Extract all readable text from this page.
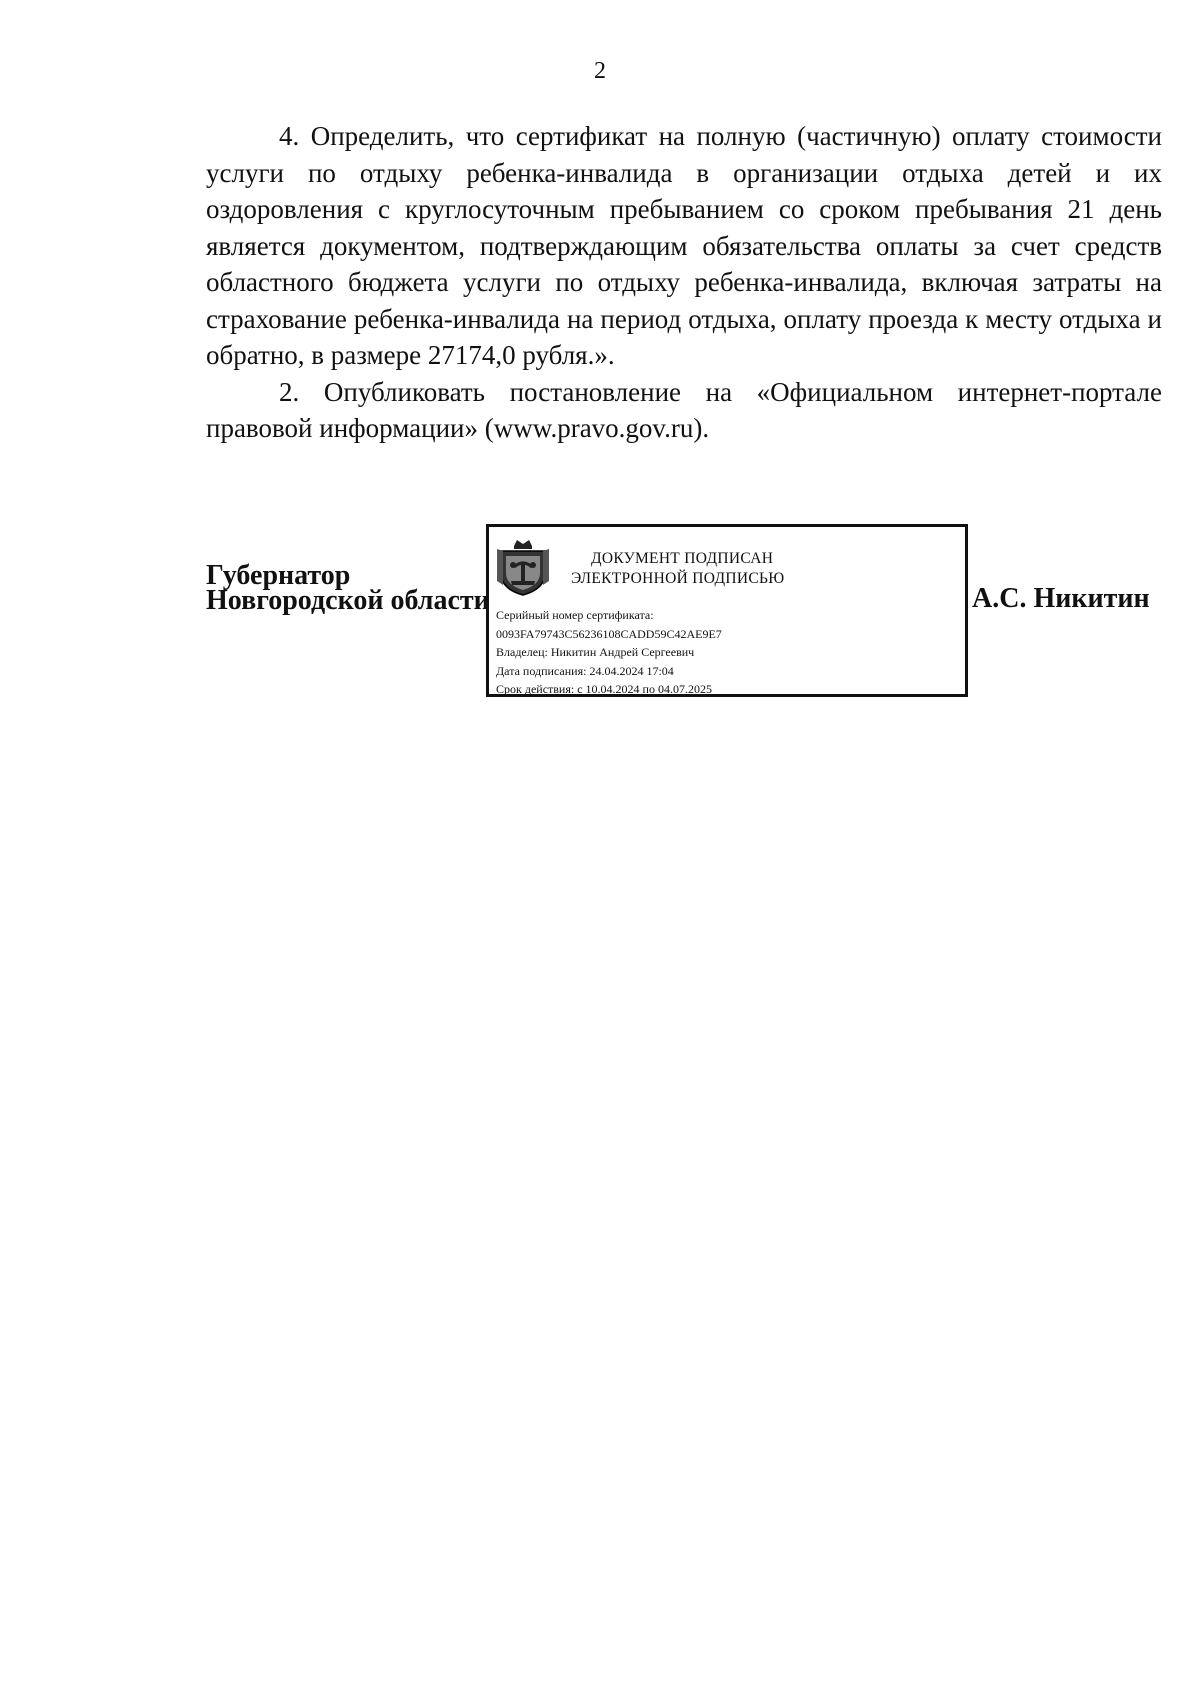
2

4. Определить, что сертификат на полную (частичную) оплату стоимости услуги по отдыху ребенка-инвалида в организации отдыха детей и их оздоровления с круглосуточным пребыванием со сроком пребывания 21 день является документом, подтверждающим обязательства оплаты за счет средств областного бюджета услуги по отдыху ребенка-инвалида, включая затраты на страхование ребенка-инвалида на период отдыха, оплату проезда к месту отдыха и обратно, в размере 27174,0 рубля.».

2. Опубликовать постановление на «Официальном интернет-портале правовой информации» (www.pravo.gov.ru).

Губернатор
Новгородской области
ДОКУМЕНТ ПОДПИСАН
ЭЛЕКТРОННОЙ ПОДПИСЬЮ
Серийный номер сертификата:
0093FA79743C56236108CADD59C42AE9E7
Владелец: Никитин Андрей Сергеевич
Дата подписания: 24.04.2024 17:04
Срок действия: с 10.04.2024 по 04.07.2025
А.С. Никитин
